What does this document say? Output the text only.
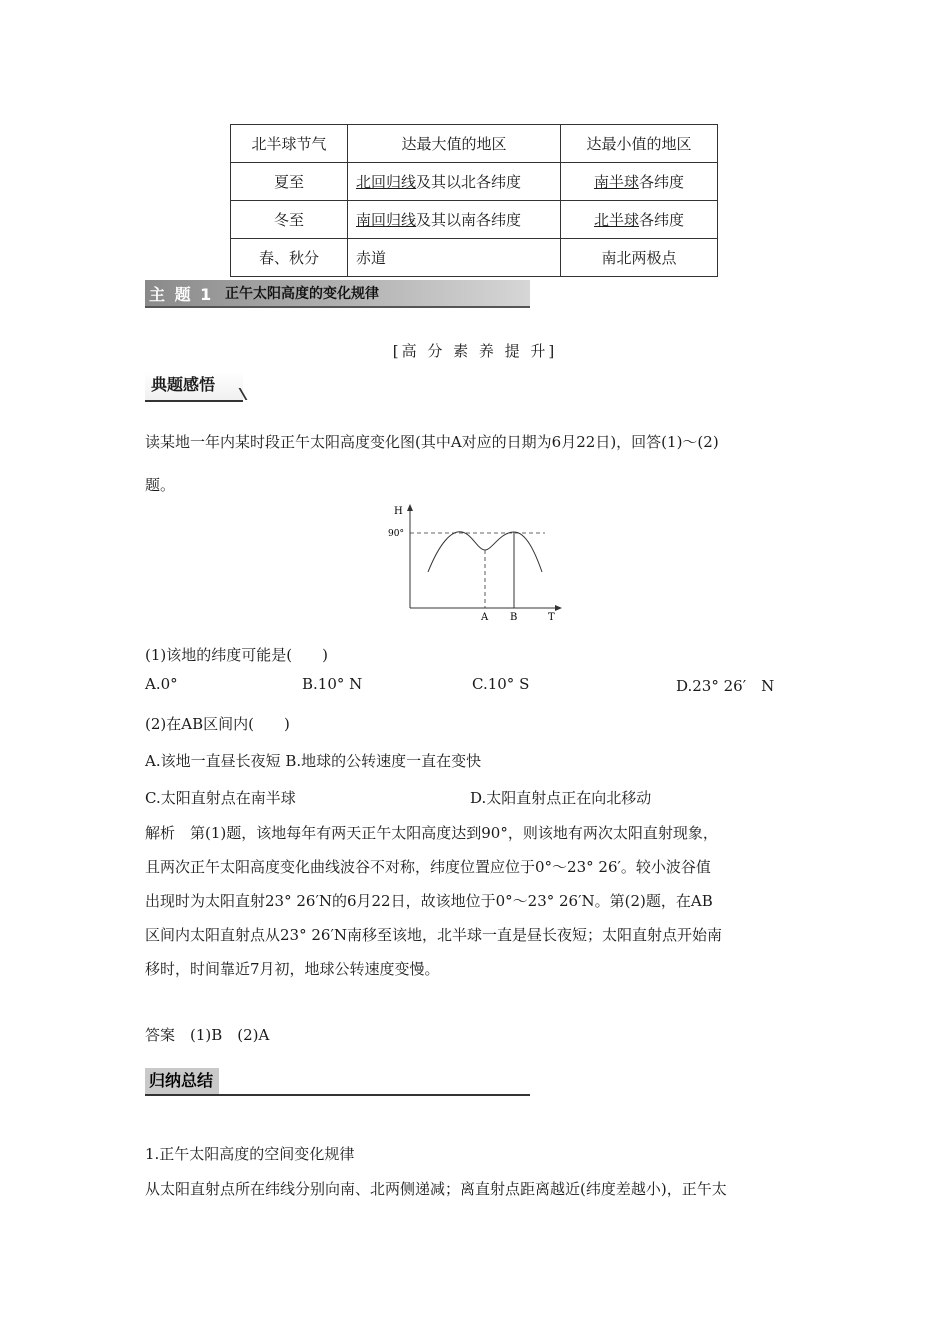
北半球节气	达最大值的地区	达最小值的地区
夏至	北回归线及其以北各纬度	南半球各纬度
冬至	南回归线及其以南各纬度	北半球各纬度
春、秋分	赤道	南北两极点
主 题 1 正午太阳高度的变化规律
[高 分 素 养 提 升]
典题感悟
读某地一年内某时段正午太阳高度变化图(其中A对应的日期为6月22日)，回答(1)～(2)
题。
H
90°
A B	T
(1)该地的纬度可能是(　　)
A.0°	B.10° N	C.10° S	D.23° 26′　N
(2)在AB区间内(　　)
A.该地一直昼长夜短 B.地球的公转速度一直在变快
C.太阳直射点在南半球	D.太阳直射点正在向北移动
解析　第(1)题，该地每年有两天正午太阳高度达到90°，则该地有两次太阳直射现象，
且两次正午太阳高度变化曲线波谷不对称，纬度位置应位于0°～23° 26′。较小波谷值
出现时为太阳直射23° 26′N的6月22日，故该地位于0°～23° 26′N。第(2)题，在AB
区间内太阳直射点从23° 26′N南移至该地，北半球一直是昼长夜短；太阳直射点开始南
移时，时间靠近7月初，地球公转速度变慢。
答案　(1)B　(2)A
归纳总结
1.正午太阳高度的空间变化规律
从太阳直射点所在纬线分别向南、北两侧递减；离直射点距离越近(纬度差越小)，正午太
